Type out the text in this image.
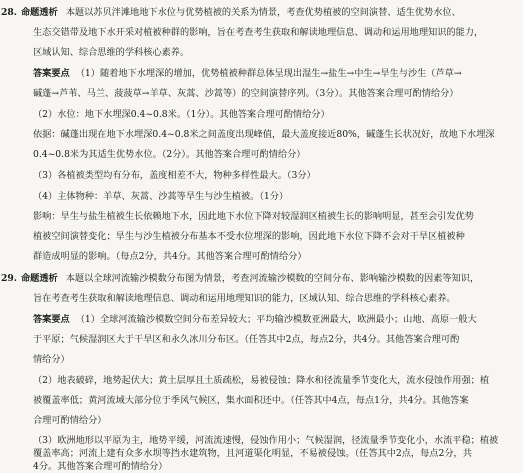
28. 命题透析 本题以苏贝泮滩地地下水位与优势植被的关系为情景，考查优势植被的空间演替、适生优势水位、
生态交错带及地下水开采对植被种群的影响，旨在考查考生获取和解读地理信息、调动和运用地理知识的能力，
区域认知、综合思维的学科核心素养。
答案要点 （1）随着地下水埋深的增加，优势植被种群总体呈现出湿生→盐生→中生→旱生与沙生（芦草→
碱蓬→芦苇、马兰、菠菠草→羊草、灰蒿、沙蒿等）的空间演替序列。（3分）。其他答案合理可酌情给分）
（2）水位：地下水埋深0.4~0.8米。（1分）。其他答案合理可酌情给分）
依据：碱蓬出现在地下水埋深0.4~0.8米之间盖度出现峰值，最大盖度接近80%，碱蓬生长状况好，故地下水埋深
0.4~0.8米为其适生优势水位。（2分）。其他答案合理可酌情给分）
（3）各植被类型均有分布，盖度相差不大，物种多样性最大。（3分）
（4）主体物种：羊草、灰蒿、沙蒿等旱生与沙生植被。（1分）
影响：旱生与盐生植被生长依赖地下水，因此地下水位下降对较湿润区植被生长的影响明显，甚至会引发优势
植被空间演替变化；旱生与沙生植被分布基本不受水位埋深的影响，因此地下水位下降不会对干旱区植被种
群造成明显的影响。（每点2分，共4分。其他答案合理可酌情给分）
29. 命题透析 本题以全球河流输沙模数分布图为情景，考查河流输沙模数的空间分布、影响输沙模数的因素等知识，
旨在考查考生获取和解读地理信息、调动和运用地理知识的能力，区域认知、综合思维的学科核心素养。
答案要点 （1）全球河流输沙模数空间分布差异较大；平均输沙模数亚洲最大，欧洲最小；山地、高原一般大
于平原；气候湿润区大于干旱区和永久冰川分布区。（任答其中2点，每点2分，共4分。其他答案合理可酌
情给分）
（2）地表破碎，地势起伏大；黄土层厚且土质疏松，易被侵蚀；降水和径流量季节变化大，流水侵蚀作用强；植
被覆盖率低；黄河流域大部分位于季风气候区，集水面积还中。（任答其中4点，每点1分，共4分。其他答案
合理可酌情给分）
（3）欧洲地形以平原为主，地势平缓，河流流速慢，侵蚀作用小；气候湿润，径流量季节变化小，水流平稳；植被
覆盖率高；河流上建有众多水坝等挡水建筑物，且河道渠化明显，不易被侵蚀。（任答其中2点，每点2分，共
4分。其他答案合理可酌情给分）
